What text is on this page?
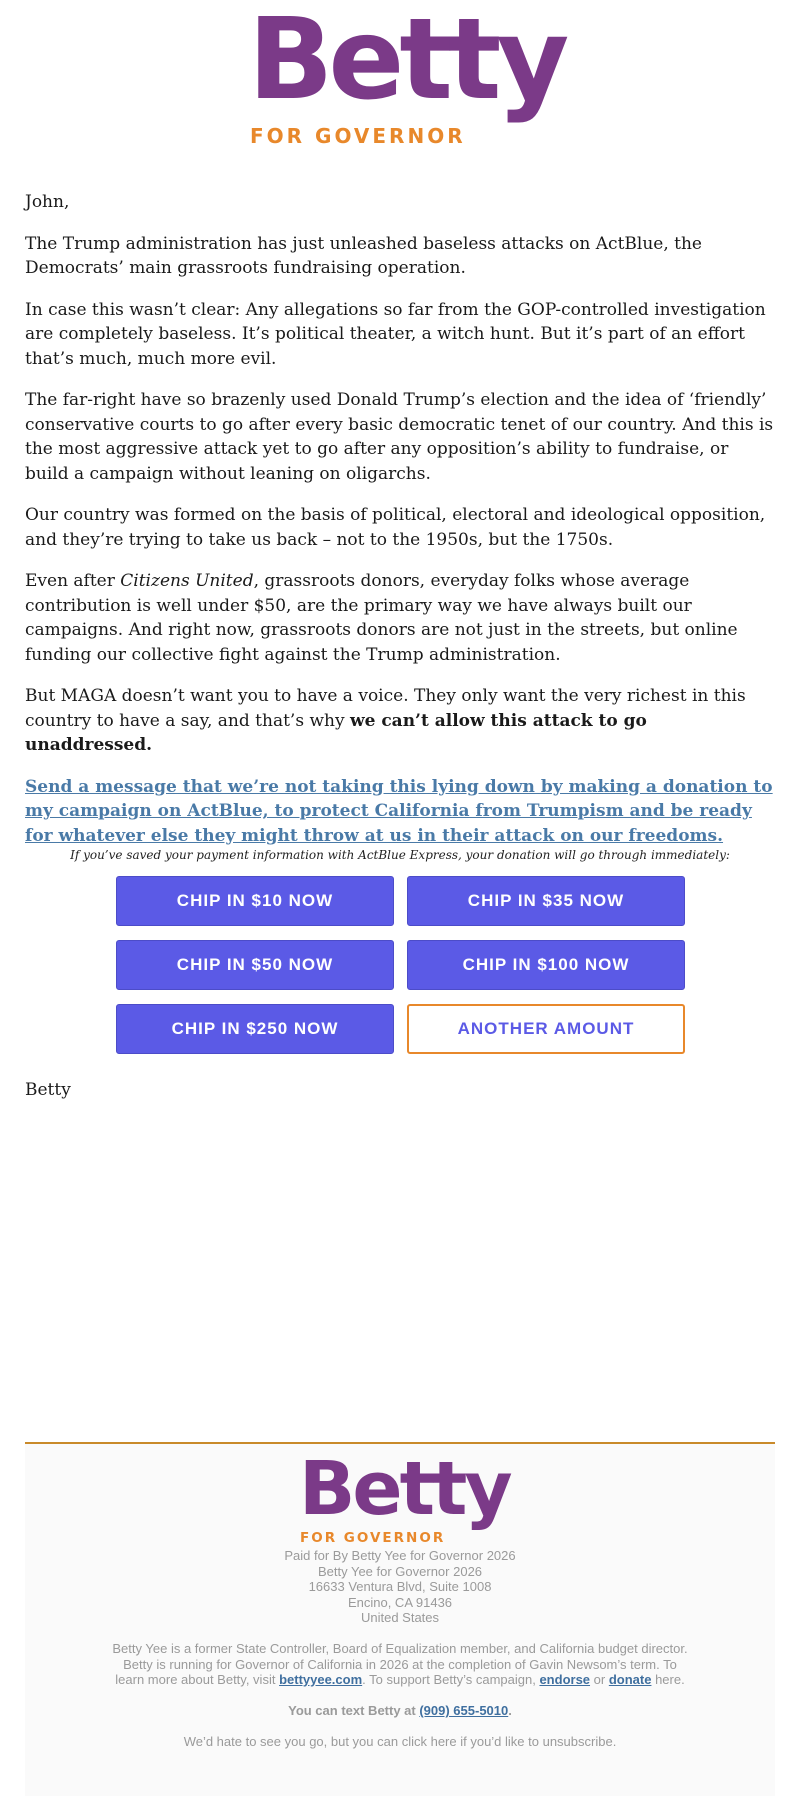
Betty
FOR GOVERNOR

John,

The Trump administration has just unleashed baseless attacks on ActBlue, the Democrats’ main grassroots fundraising operation.

In case this wasn’t clear: Any allegations so far from the GOP-controlled investigation are completely baseless. It’s political theater, a witch hunt. But it’s part of an effort that’s much, much more evil.

The far-right have so brazenly used Donald Trump’s election and the idea of ‘friendly’ conservative courts to go after every basic democratic tenet of our country. And this is the most aggressive attack yet to go after any opposition’s ability to fundraise, or build a campaign without leaning on oligarchs.

Our country was formed on the basis of political, electoral and ideological opposition, and they’re trying to take us back – not to the 1950s, but the 1750s.

Even after Citizens United, grassroots donors, everyday folks whose average contribution is well under $50, are the primary way we have always built our campaigns. And right now, grassroots donors are not just in the streets, but online funding our collective fight against the Trump administration.

But MAGA doesn’t want you to have a voice. They only want the very richest in this country to have a say, and that’s why we can’t allow this attack to go unaddressed.

Send a message that we’re not taking this lying down by making a donation to my campaign on ActBlue, to protect California from Trumpism and be ready for whatever else they might throw at us in their attack on our freedoms.

If you’ve saved your payment information with ActBlue Express, your donation will go through immediately:
CHIP IN $10 NOW	CHIP IN $35 NOW
CHIP IN $50 NOW	CHIP IN $100 NOW
CHIP IN $250 NOW	ANOTHER AMOUNT
Betty
Betty
FOR GOVERNOR
Paid for By Betty Yee for Governor 2026
Betty Yee for Governor 2026
16633 Ventura Blvd, Suite 1008
Encino, CA 91436
United States
Betty Yee is a former State Controller, Board of Equalization member, and California budget director.
Betty is running for Governor of California in 2026 at the completion of Gavin Newsom’s term. To
learn more about Betty, visit bettyyee.com. To support Betty’s campaign, endorse or donate here.
You can text Betty at (909) 655-5010.
We’d hate to see you go, but you can click here if you’d like to unsubscribe.
